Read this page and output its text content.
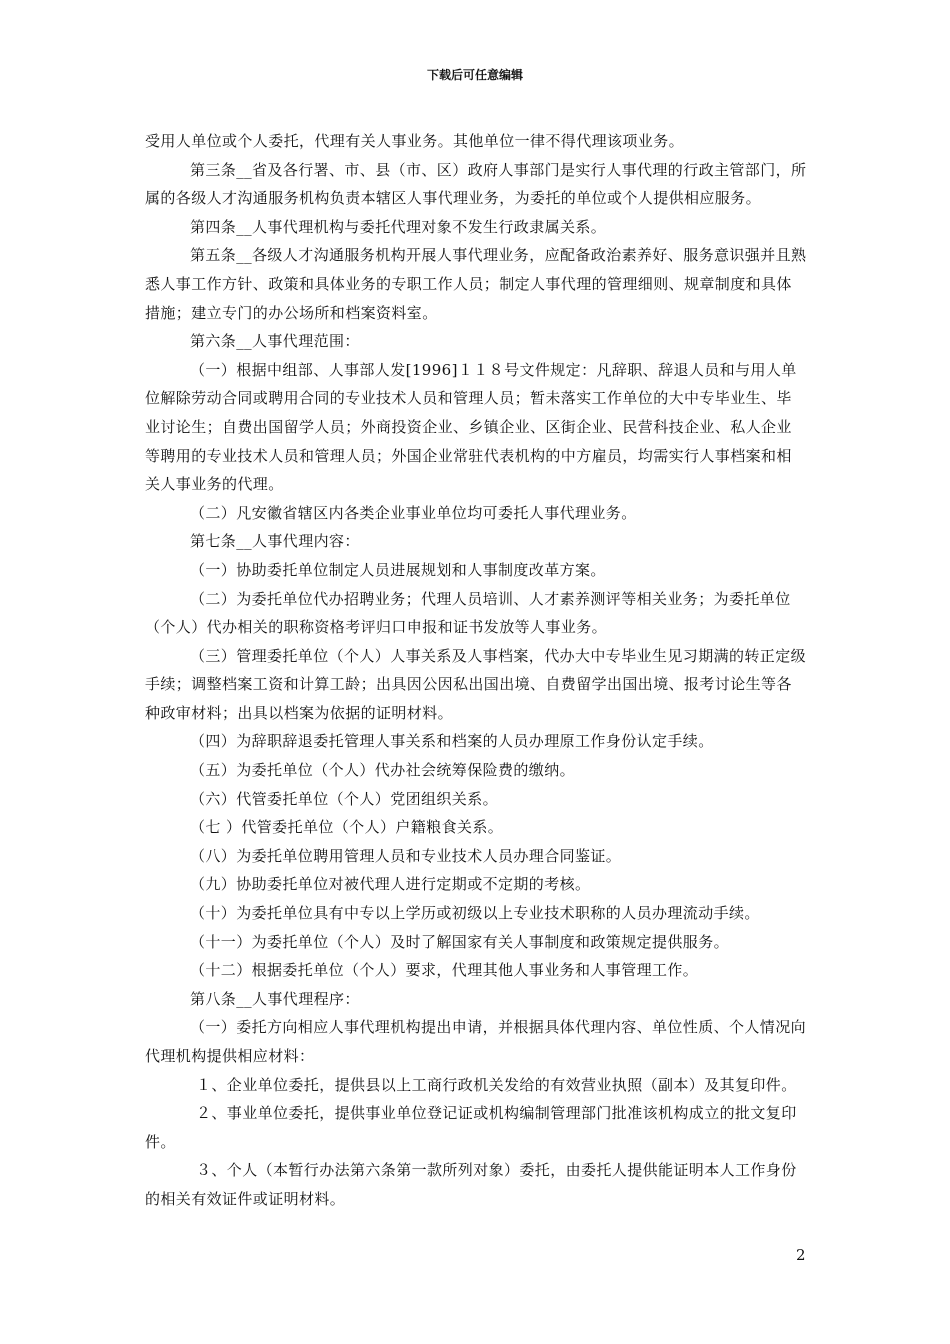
下载后可任意编辑

受用人单位或个人委托，代理有关人事业务。其他单位一律不得代理该项业务。

第三条__省及各行署、市、县（市、区）政府人事部门是实行人事代理的行政主管部门，所属的各级人才沟通服务机构负责本辖区人事代理业务，为委托的单位或个人提供相应服务。

第四条__人事代理机构与委托代理对象不发生行政隶属关系。

第五条__各级人才沟通服务机构开展人事代理业务，应配备政治素养好、服务意识强并且熟悉人事工作方针、政策和具体业务的专职工作人员；制定人事代理的管理细则、规章制度和具体措施；建立专门的办公场所和档案资料室。

第六条__人事代理范围：

（一）根据中组部、人事部人发[1996]１１８号文件规定：凡辞职、辞退人员和与用人单位解除劳动合同或聘用合同的专业技术人员和管理人员；暂未落实工作单位的大中专毕业生、毕业讨论生；自费出国留学人员；外商投资企业、乡镇企业、区街企业、民营科技企业、私人企业等聘用的专业技术人员和管理人员；外国企业常驻代表机构的中方雇员，均需实行人事档案和相关人事业务的代理。

（二）凡安徽省辖区内各类企业事业单位均可委托人事代理业务。

第七条__人事代理内容：

（一）协助委托单位制定人员进展规划和人事制度改革方案。

（二）为委托单位代办招聘业务；代理人员培训、人才素养测评等相关业务；为委托单位（个人）代办相关的职称资格考评归口申报和证书发放等人事业务。

（三）管理委托单位（个人）人事关系及人事档案，代办大中专毕业生见习期满的转正定级手续；调整档案工资和计算工龄；出具因公因私出国出境、自费留学出国出境、报考讨论生等各种政审材料；出具以档案为依据的证明材料。

（四）为辞职辞退委托管理人事关系和档案的人员办理原工作身份认定手续。

（五）为委托单位（个人）代办社会统筹保险费的缴纳。

（六）代管委托单位（个人）党团组织关系。

（七 ）代管委托单位（个人）户籍粮食关系。

（八）为委托单位聘用管理人员和专业技术人员办理合同鉴证。

（九）协助委托单位对被代理人进行定期或不定期的考核。

（十）为委托单位具有中专以上学历或初级以上专业技术职称的人员办理流动手续。

（十一）为委托单位（个人）及时了解国家有关人事制度和政策规定提供服务。

（十二）根据委托单位（个人）要求，代理其他人事业务和人事管理工作。

第八条__人事代理程序：

（一）委托方向相应人事代理机构提出申请，并根据具体代理内容、单位性质、个人情况向代理机构提供相应材料：

１、企业单位委托，提供县以上工商行政机关发给的有效营业执照（副本）及其复印件。

２、事业单位委托，提供事业单位登记证或机构编制管理部门批准该机构成立的批文复印件。

３、个人（本暂行办法第六条第一款所列对象）委托，由委托人提供能证明本人工作身份的相关有效证件或证明材料。

2
